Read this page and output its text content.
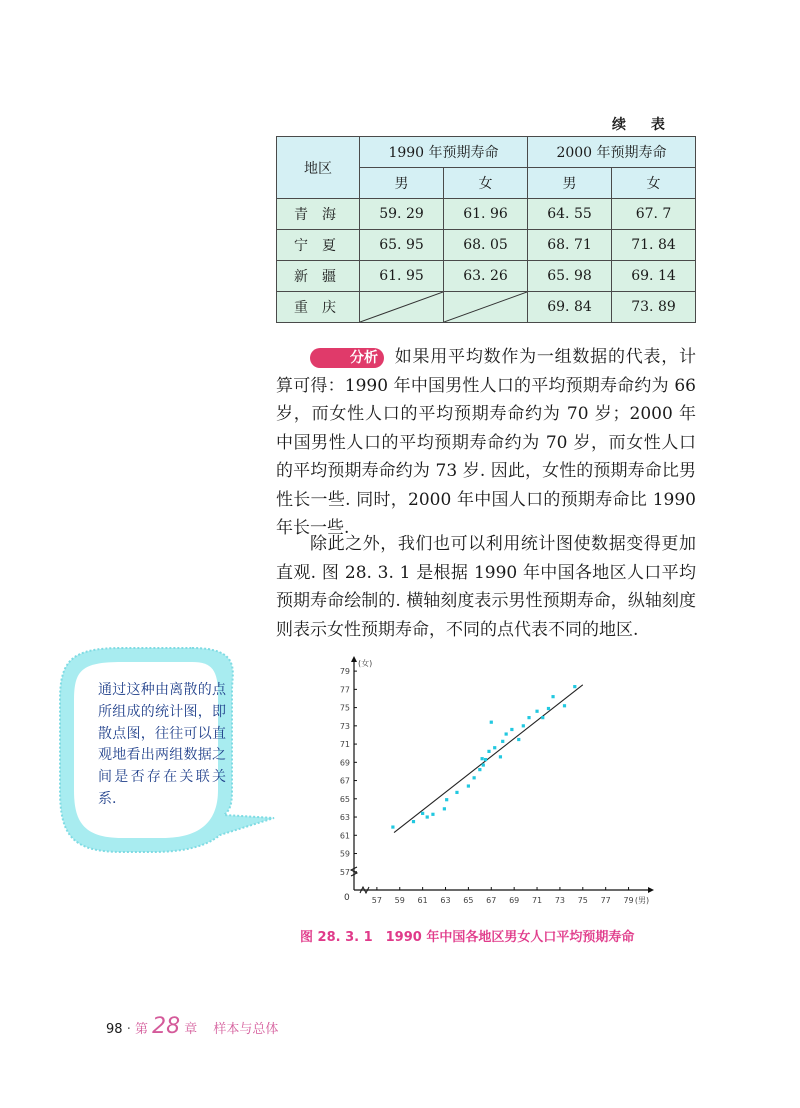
续 表
地区	1990 年预期寿命		2000 年预期寿命	
	男	女	男	女
青海	59. 29	61. 96	64. 55	67. 7
宁夏	65. 95	68. 05	68. 71	71. 84
新疆	61. 95	63. 26	65. 98	69. 14
重庆			69. 84	73. 89
分析 如果用平均数作为一组数据的代表，计算可得：1990 年中国男性人口的平均预期寿命约为 66 岁，而女性人口的平均预期寿命约为 70 岁；2000 年中国男性人口的平均预期寿命约为 70 岁，而女性人口的平均预期寿命约为 73 岁. 因此，女性的预期寿命比男性长一些. 同时，2000 年中国人口的预期寿命比 1990 年长一些.
除此之外，我们也可以利用统计图使数据变得更加直观. 图 28. 3. 1 是根据 1990 年中国各地区人口平均预期寿命绘制的. 横轴刻度表示男性预期寿命，纵轴刻度则表示女性预期寿命，不同的点代表不同的地区.
通过这种由离散的点所组成的统计图，即散点图，往往可以直观地看出两组数据之间是否存在关联关系.
0	57 59 61 63 65 67 69 71 73 75 77 79 (男)
57
59
61
63
65
67
69
71
73
75
77
79
(女)
图 28. 3. 1　1990 年中国各地区男女人口平均预期寿命
98 · 第 28 章 样本与总体
